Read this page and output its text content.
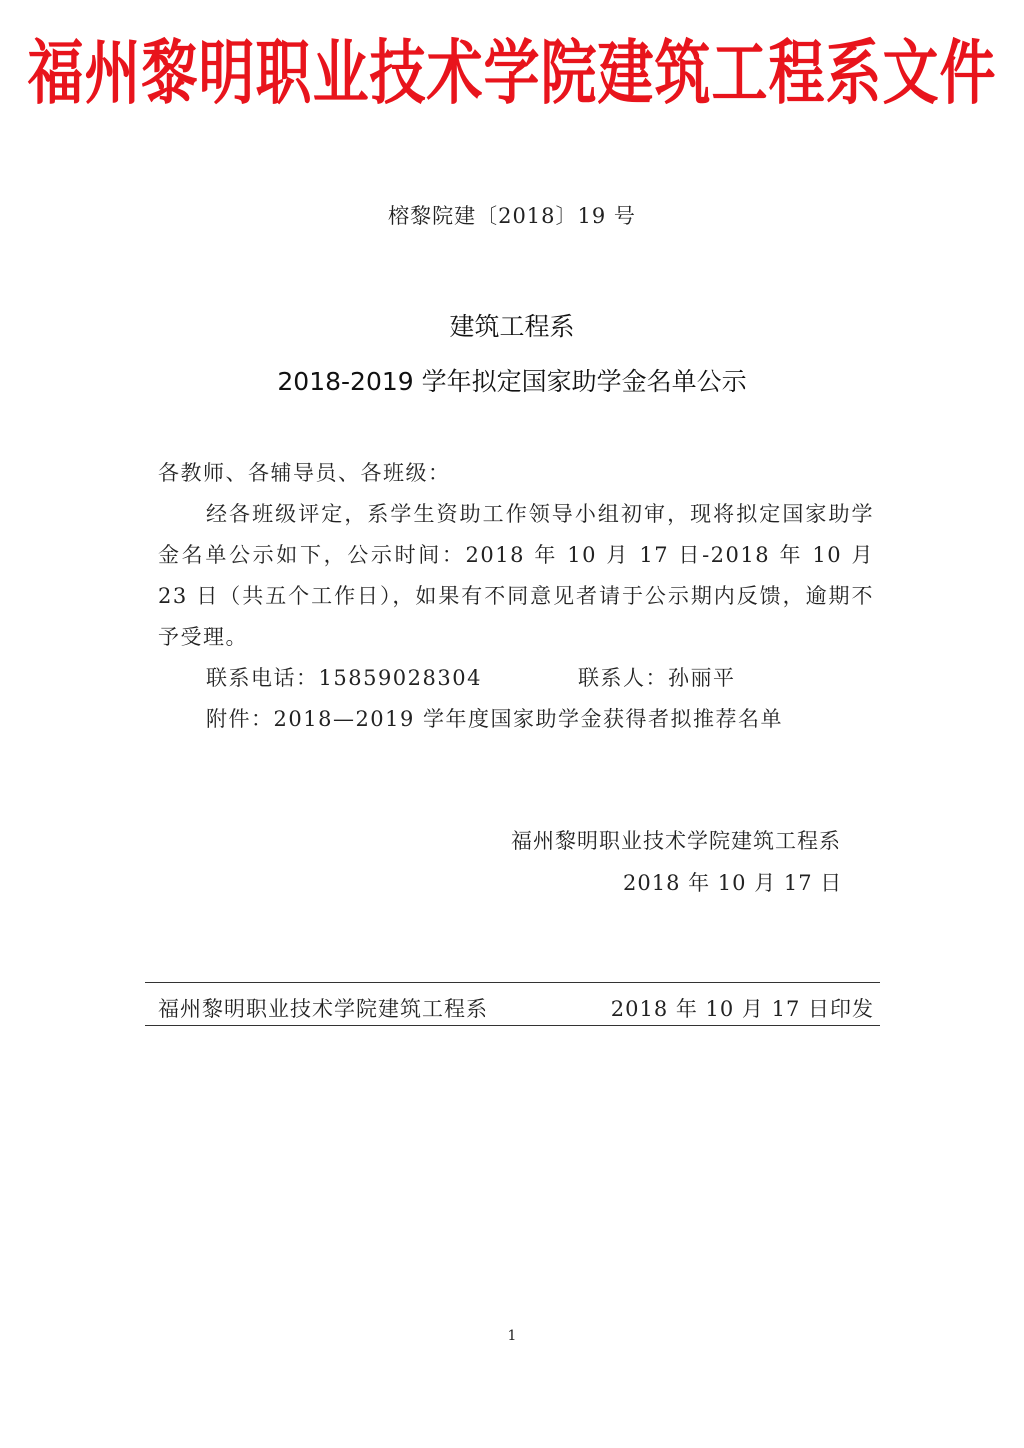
福州黎明职业技术学院建筑工程系文件
榕黎院建〔2018〕19 号
建筑工程系
2018-2019 学年拟定国家助学金名单公示

各教师、各辅导员、各班级：

经各班级评定，系学生资助工作领导小组初审，现将拟定国家助学金名单公示如下，公示时间：2018 年 10 月 17 日-2018 年 10 月 23 日（共五个工作日），如果有不同意见者请于公示期内反馈，逾期不予受理。

联系电话：15859028304	联系人：孙丽平

附件：2018—2019 学年度国家助学金获得者拟推荐名单

福州黎明职业技术学院建筑工程系
2018 年 10 月 17 日
福州黎明职业技术学院建筑工程系	2018 年 10 月 17 日印发
1
